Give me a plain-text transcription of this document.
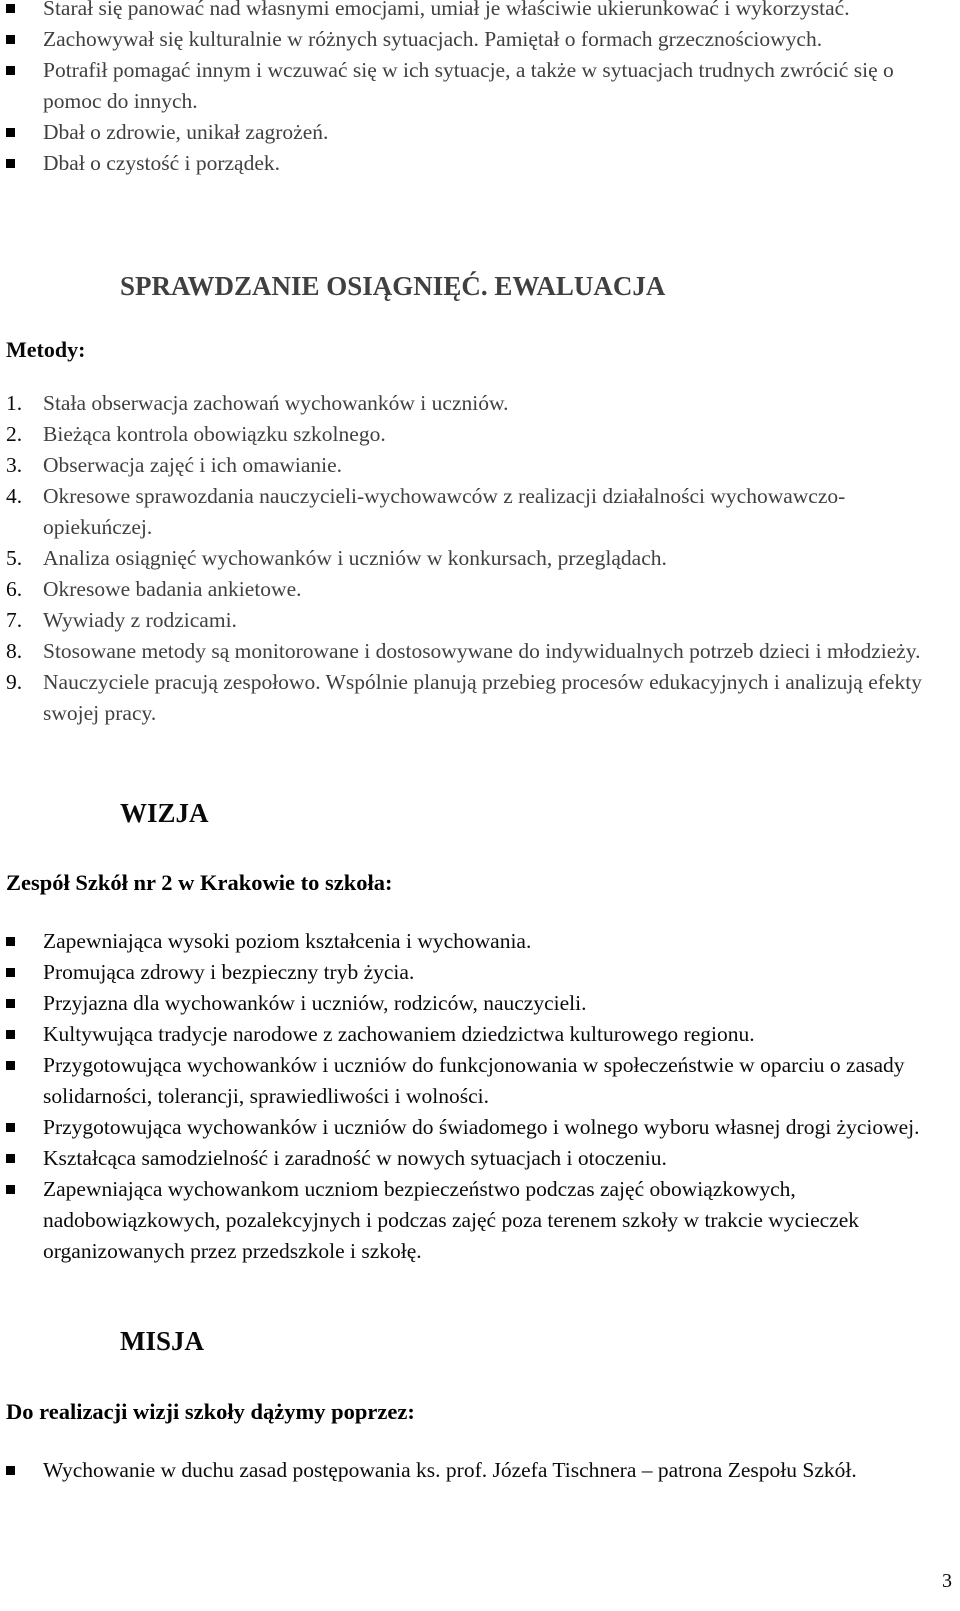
Starał się panować nad własnymi emocjami, umiał je właściwie ukierunkować i wykorzystać.
Zachowywał się kulturalnie w różnych sytuacjach. Pamiętał o formach grzecznościowych.
Potrafił pomagać innym i wczuwać się w ich sytuacje, a także w sytuacjach trudnych zwrócić się o pomoc do innych.
Dbał o zdrowie, unikał zagrożeń.
Dbał o czystość i porządek.
SPRAWDZANIE OSIĄGNIĘĆ. EWALUACJA
Metody:
1. Stała obserwacja zachowań wychowanków i uczniów.
2. Bieżąca kontrola obowiązku szkolnego.
3. Obserwacja zajęć i ich omawianie.
4. Okresowe sprawozdania nauczycieli-wychowawców z realizacji działalności wychowawczo-opiekuńczej.
5. Analiza osiągnięć wychowanków i uczniów w konkursach, przeglądach.
6. Okresowe badania ankietowe.
7. Wywiady z rodzicami.
8. Stosowane metody są monitorowane i dostosowywane do indywidualnych potrzeb dzieci i młodzieży.
9. Nauczyciele pracują zespołowo. Wspólnie planują przebieg procesów edukacyjnych i analizują efekty swojej pracy.
WIZJA
Zespół Szkół nr 2 w Krakowie to szkoła:
Zapewniająca wysoki poziom kształcenia i wychowania.
Promująca zdrowy i bezpieczny tryb życia.
Przyjazna dla wychowanków i uczniów, rodziców, nauczycieli.
Kultywująca tradycje narodowe z zachowaniem dziedzictwa kulturowego regionu.
Przygotowująca wychowanków i uczniów do funkcjonowania w społeczeństwie w oparciu o zasady solidarności, tolerancji, sprawiedliwości i wolności.
Przygotowująca wychowanków i uczniów do świadomego i wolnego wyboru własnej drogi życiowej.
Kształcąca samodzielność i zaradność w nowych sytuacjach i otoczeniu.
Zapewniająca wychowankom uczniom bezpieczeństwo podczas zajęć obowiązkowych, nadobowiązkowych, pozalekcyjnych i podczas zajęć poza terenem szkoły w trakcie wycieczek organizowanych przez przedszkole i szkołę.
MISJA
Do realizacji wizji szkoły dążymy poprzez:
Wychowanie w duchu zasad postępowania ks. prof. Józefa Tischnera – patrona Zespołu Szkół.
3
